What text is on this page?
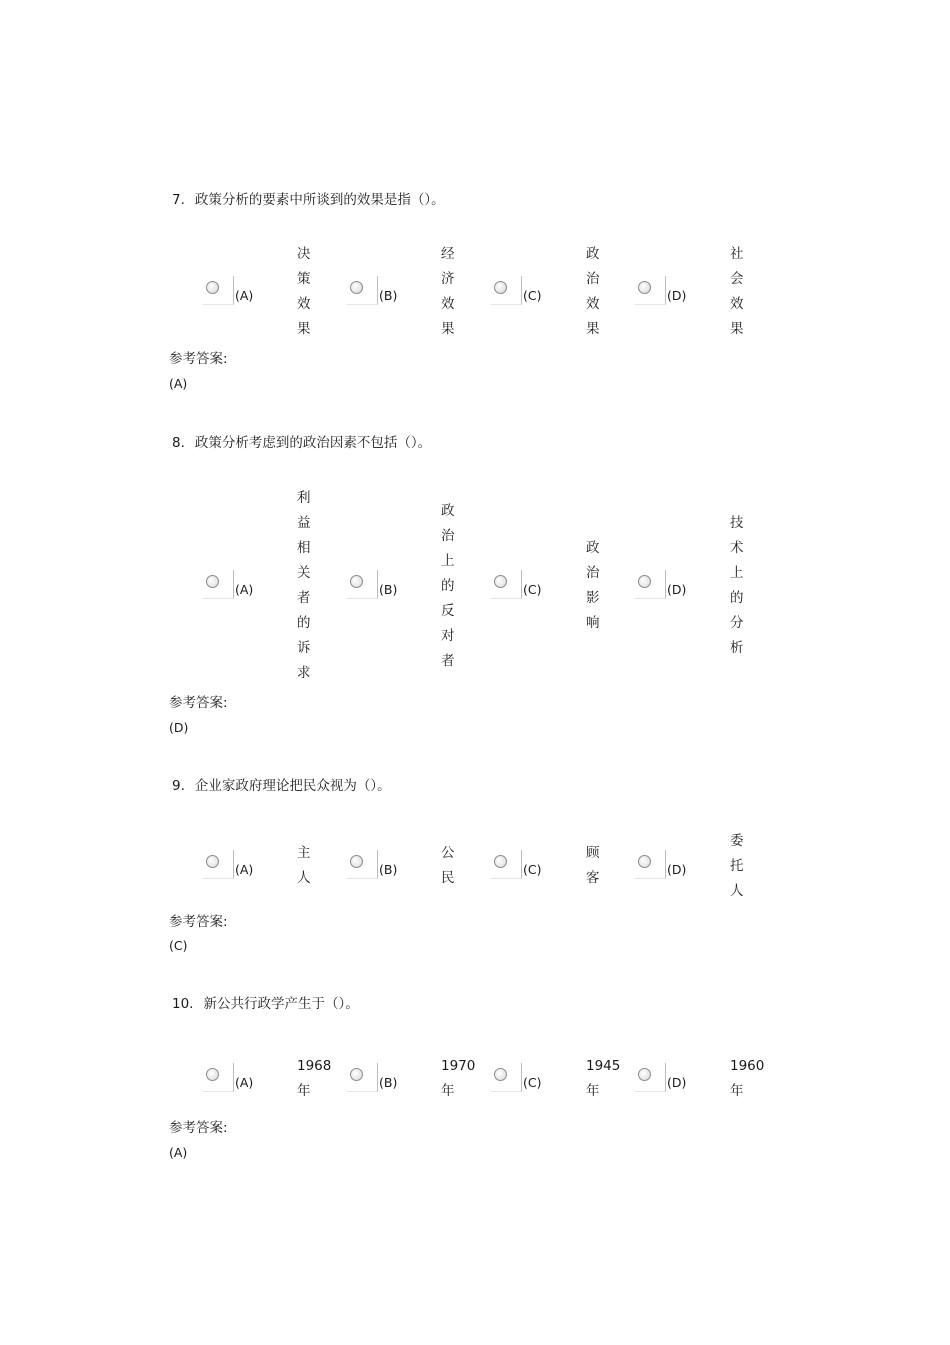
7. 政策分析的要素中所谈到的效果是指（）。
(A)
决
策
效
果
(B)
经
济
效
果
(C)
政
治
效
果
(D)
社
会
效
果
参考答案:
(A)
8. 政策分析考虑到的政治因素不包括（）。
(A)
利
益
相
关
者
的
诉
求
(B)
政
治
上
的
反
对
者
(C)
政
治
影
响
(D)
技
术
上
的
分
析
参考答案:
(D)
9. 企业家政府理论把民众视为（）。
(A)
主
人
(B)
公
民
(C)
顾
客
(D)
委
托
人
参考答案:
(C)
10. 新公共行政学产生于（）。
(A)
1968
年
(B)
1970
年
(C)
1945
年
(D)
1960
年
参考答案:
(A)
